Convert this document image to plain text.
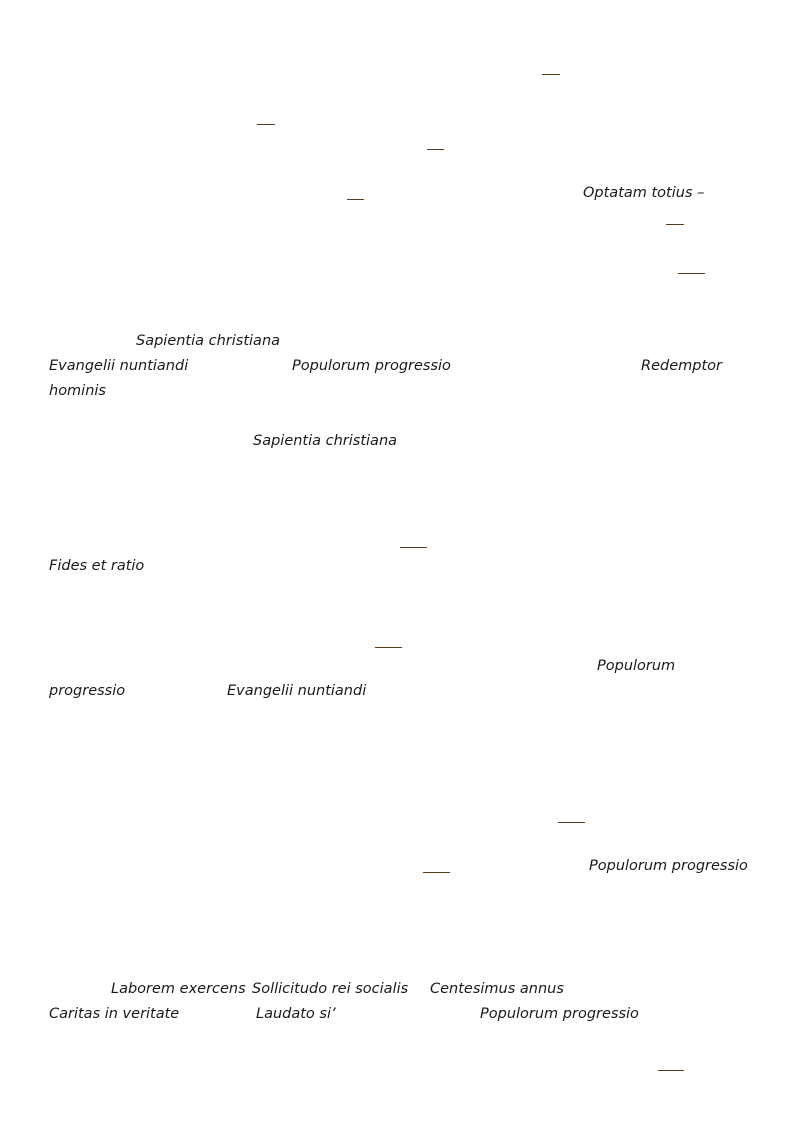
Optatam totius –
Sapientia christiana
Evangelii nuntiandi	Populorum progressio	Redemptor
hominis
Sapientia christiana
Fides et ratio
Populorum
progressio	Evangelii nuntiandi
Populorum progressio
Laborem exercens Sollicitudo rei socialis Centesimus annus
Caritas in veritate	Laudato si’	Populorum progressio
